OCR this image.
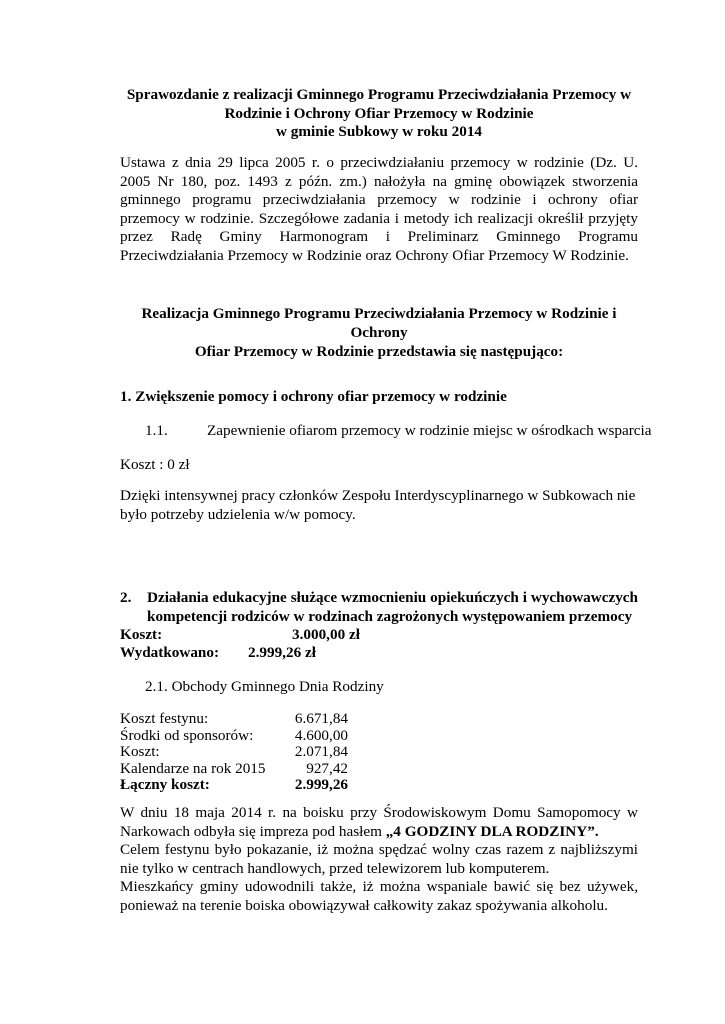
Sprawozdanie z realizacji Gminnego Programu Przeciwdziałania Przemocy w

Rodzinie i Ochrony Ofiar Przemocy w Rodzinie

w gminie Subkowy w roku 2014

Ustawa z dnia 29 lipca 2005 r. o przeciwdziałaniu przemocy w rodzinie (Dz. U. 2005 Nr 180, poz. 1493 z późn. zm.) nałożyła na gminę obowiązek stworzenia gminnego programu przeciwdziałania przemocy w rodzinie i ochrony ofiar przemocy w rodzinie. Szczegółowe zadania i metody ich realizacji określił przyjęty przez Radę Gminy Harmonogram i Preliminarz Gminnego Programu Przeciwdziałania Przemocy w Rodzinie oraz Ochrony Ofiar Przemocy W Rodzinie.

Realizacja Gminnego Programu Przeciwdziałania Przemocy w Rodzinie i Ochrony

Ofiar Przemocy w Rodzinie przedstawia się następująco:

1. Zwiększenie pomocy i ochrony ofiar przemocy w rodzinie

1.1.	Zapewnienie ofiarom przemocy w rodzinie miejsc w ośrodkach wsparcia

Koszt : 0 zł

Dzięki intensywnej pracy członków Zespołu Interdyscyplinarnego w Subkowach nie

było potrzeby udzielenia w/w pomocy.

2.	Działania edukacyjne służące wzmocnieniu opiekuńczych i wychowawczych kompetencji rodziców w rodzinach zagrożonych występowaniem przemocy
Koszt:	3.000,00 zł
Wydatkowano:	2.999,26 zł

2.1. Obchody Gminnego Dnia Rodziny

Koszt festynu:	6.671,84
Środki od sponsorów:	4.600,00
Koszt:	2.071,84
Kalendarze na rok 2015	927,42
Łączny koszt:	2.999,26

W dniu 18 maja 2014 r. na boisku przy Środowiskowym Domu Samopomocy w Narkowach odbyła się impreza pod hasłem „4 GODZINY DLA RODZINY”.

Celem festynu było pokazanie, iż można spędzać wolny czas razem z najbliższymi nie tylko w centrach handlowych, przed telewizorem lub komputerem.

Mieszkańcy gminy udowodnili także, iż można wspaniale bawić się bez używek, ponieważ na terenie boiska obowiązywał całkowity zakaz spożywania alkoholu.
